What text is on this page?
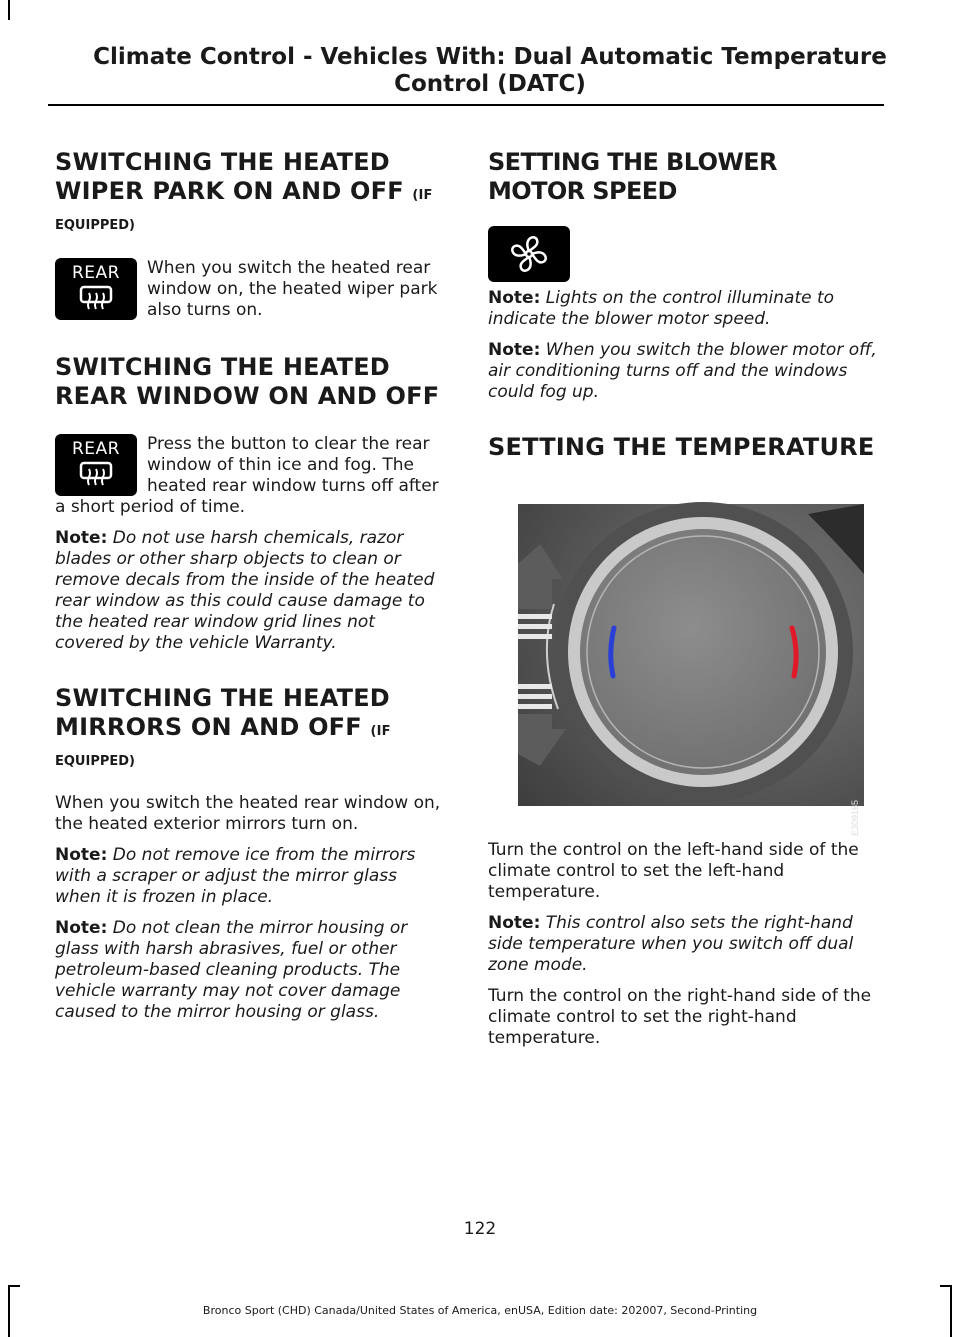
Climate Control - Vehicles With: Dual Automatic Temperature
Control (DATC)
SWITCHING THE HEATED WIPER PARK ON AND OFF (IF
EQUIPPED)
REAR	When you switch the heated rear window on, the heated wiper park also turns on.

SWITCHING THE HEATED REAR WINDOW ON AND OFF
REAR	Press the button to clear the rear window of thin ice and fog. The heated rear window turns off after a short period of time.

Note: Do not use harsh chemicals, razor blades or other sharp objects to clean or remove decals from the inside of the heated rear window as this could cause damage to the heated rear window grid lines not covered by the vehicle Warranty.

SWITCHING THE HEATED MIRRORS ON AND OFF (IF
EQUIPPED)

When you switch the heated rear window on, the heated exterior mirrors turn on.

Note: Do not remove ice from the mirrors with a scraper or adjust the mirror glass when it is frozen in place.

Note: Do not clean the mirror housing or glass with harsh abrasives, fuel or other petroleum-based cleaning products. The vehicle warranty may not cover damage caused to the mirror housing or glass.

SETTING THE BLOWER MOTOR SPEED

Note: Lights on the control illuminate to indicate the blower motor speed.

Note: When you switch the blower motor off, air conditioning turns off and the windows could fog up.

SETTING THE TEMPERATURE
E309185

Turn the control on the left-hand side of the climate control to set the left-hand temperature.

Note: This control also sets the right-hand side temperature when you switch off dual zone mode.

Turn the control on the right-hand side of the climate control to set the right-hand temperature.

122
Bronco Sport (CHD) Canada/United States of America, enUSA, Edition date: 202007, Second-Printing
